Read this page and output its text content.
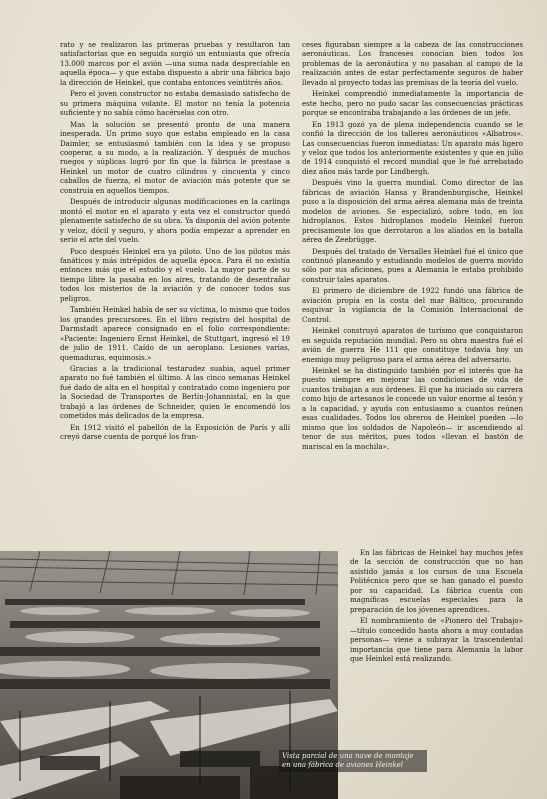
rato y se realizaron las primeras pruebas y resultaron tan satisfactorias que en seguida surgió un entusiasta que ofrecía 13.000 marcos por el avión —una suma nada despreciable en aquella época— y que estaba dispuesto a abrir una fábrica bajo la dirección de Heinkel, que contaba entonces veintitrés años.

Pero el joven constructor no estaba demasiado satisfecho de su primera máquina volante. El motor no tenía la potencia suficiente y no sabía cómo hacérselas con otro.

Mas la solución se presentó pronto de una manera inesperada. Un primo suyo que estaba empleado en la casa Daimler, se entusiasmó también con la idea y se propuso cooperar, a su modo, a la realización. Y después de muchos ruegos y súplicas logró por fin que la fábrica le prestase a Heinkel un motor de cuatro cilindros y cincuenta y cinco caballos de fuerza, el motor de aviación más potente que se construía en aquellos tiempos.

Después de introducir algunas modificaciones en la carlinga montó el motor en el aparato y esta vez el constructor quedó plenamente satisfecho de su obra. Ya disponía del avión potente y veloz, dócil y seguro, y ahora podía empezar a aprender en serio el arte del vuelo.

Poco después Heinkel era ya piloto. Uno de los pilotos más fanáticos y más intrépidos de aquella época. Para él no existía entonces más que el estudio y el vuelo. La mayor parte de su tiempo libre la pasaba en los aires, tratando de desentrañar todos los misterios de la aviación y de conocer todos sus peligros.

También Heinkel había de ser su víctima, lo mismo que todos los grandes precursores. En el libro registro del hospital de Darmstadt aparece consignado en el folio correspondiente: «Paciente: Ingeniero Ernst Heinkel, de Stuttgart, ingresó el 19 de julio de 1911. Caído de un aeroplano. Lesiones varias, quemaduras, equimosis.»

Gracias a la tradicional testarudez suabia, aquel primer aparato no fué también el último. A las cinco semanas Heinkel fué dado de alta en el hospital y contratado como ingeniero por la Sociedad de Transportes de Berlín-Johannistal, en la que trabajó a las órdenes de Schneider, quien le encomendó los cometidos más delicados de la empresa.

En 1912 visitó el pabellón de la Exposición de París y allí creyó darse cuenta de porqué los fran-

ceses figuraban siempre a la cabeza de las construcciones aeronáuticas. Los franceses conocían bien todos los problemas de la aeronáutica y no pasaban al campo de la realización antes de estar perfectamente seguros de haber llevado al proyecto todas las premisas de la teoría del vuelo.

Heinkel comprendió inmediatamente la importancia de este hecho, pero no pudo sacar las consecuencias prácticas porque se encontraba trabajando a las órdenes de un jefe.

En 1913 gozó ya de plena independencia cuando se le confió la dirección de los talleres aeronáuticos «Albatros». Las consecuencias fueron inmediatas: Un aparato más ligero y veloz que todos los anteriormente existentes y que en julio de 1914 conquistó el record mundial que le fué arrebatado diez años más tarde por Lindbergh.

Después vino la guerra mundial. Como director de las fábricas de aviación Hansa y Brandenburgische, Heinkel puso a la disposición del arma aérea alemana más de treinta modelos de aviones. Se especializó, sobre todo, en los hidroplanos. Estos hidroplanos modelo Heinkel fueron precisamente los que derrotaron a los aliados en la batalla aérea de Zeebrügge.

Después del tratado de Versalles Heinkel fué el único que continuó planeando y estudiando modelos de guerra movido sólo por sus aficiones, pues a Alemania le estaba prohibido construir tales aparatos.

El primero de diciembre de 1922 fundó una fábrica de aviación propia en la costa del mar Báltico, procurando esquivar la vigilancia de la Comisión Internacional de Control.

Heinkel construyó aparatos de turismo que conquistaron en seguida reputación mundial. Pero su obra maestra fué el avión de guerra He 111 que constituye todavía hoy un enemigo muy peligroso para el arma aérea del adversario.

Heinkel se ha distinguido también por el interés que ha puesto siempre en mejorar las condiciones de vida de cuantos trabajan a sus órdenes. El que ha iniciado su carrera como hijo de artesanos le concede un valor enorme al tesón y a la capacidad, y ayuda con entusiasmo a cuantos reúnen esas cualidades. Todos los obreros de Heinkel pueden —lo mismo que los soldados de Napoleón— ir ascendiendo al tenor de sus méritos, pues todos «llevan el bastón de mariscal en la mochila».

En las fábricas de Heinkel hay muchos jefes de la sección de construcción que no han asistido jamás a los cursos de una Escuela Politécnica pero que se han ganado el puesto por su capacidad. La fábrica cuenta con magníficas escuelas especiales para la preparación de los jóvenes aprendices.

El nombramiento de «Pionero del Trabajo» —título concedido hasta ahora a muy contadas personas— viene a subrayar la trascendental importancia que tiene para Alemania la labor que Heinkel está realizando.

Vista parcial de una nave de montaje en una fábrica de aviones Heinkel
